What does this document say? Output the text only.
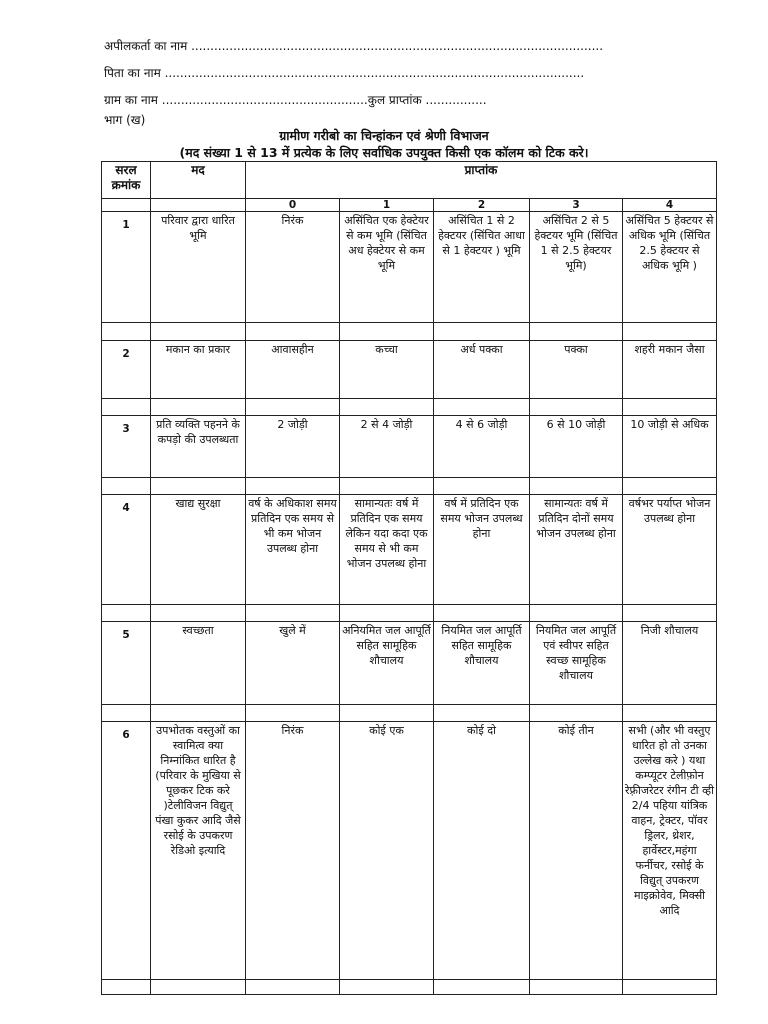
अपीलकर्ता का नाम ............................................................................................................
पिता का नाम ..............................................................................................................
ग्राम का नाम ......................................................कुल प्राप्तांक ................
भाग (ख)
ग्रामीण गरीबो का चिन्हांकन एवं श्रेणी विभाजन
(मद संख्या 1 से 13 में प्रत्येक के लिए सर्वाधिक उपयुक्त किसी एक कॉलम को टिक करे।
सरल क्रमांक	मद	प्राप्तांक				
		0	1	2	3	4
1	परिवार द्वारा धारित भूमि	निरंक	असिंचित एक हेक्टेयर से कम भूमि (सिंचित अध हेक्टेयर से कम भूमि	असिंचित 1 से 2 हेक्टयर (सिंचित आधा से 1 हेक्टयर ) भूमि	असिंचित 2 से 5 हेक्टयर भूमि (सिंचित 1 से 2.5 हेक्टयर भूमि)	असिंचित 5 हेक्टयर से अधिक भूमि (सिंचित 2.5 हेक्टयर से अधिक भूमि )

2	मकान का प्रकार	आवासहीन	कच्चा	अर्ध पक्का	पक्का	शहरी मकान जैसा

3	प्रति व्यक्ति पहनने के कपड़ो की उपलब्धता	2 जोड़ी	2 से 4 जोड़ी	4 से 6 जोड़ी	6 से 10 जोड़ी	10 जोड़ी से अधिक

4	खाद्य सुरक्षा	वर्ष के अधिकाश समय प्रतिदिन एक समय से भी कम भोजन उपलब्ध होना	सामान्यतः वर्ष में प्रतिदिन एक समय लेकिन यदा कदा एक समय से भी कम भोजन उपलब्ध होना	वर्ष में प्रतिदिन एक समय भोजन उपलब्ध होना	सामान्यतः वर्ष में प्रतिदिन दोनों समय भोजन उपलब्ध होना	वर्षभर पर्याप्त भोजन उपलब्ध होना

5	स्वच्छता	खुले में	अनियमित जल आपूर्ति सहित सामूहिक शौचालय	नियमित जल आपूर्ति सहित सामूहिक शौचालय	नियमित जल आपूर्ति एवं स्वीपर सहित स्वच्छ सामूहिक शौचालय	निजी शौचालय

6	उपभोतक वस्तुओं का स्वामित्व क्या निम्नांकित धारित है (परिवार के मुखिया से पूछकर टिक करे )टेलीविजन विद्युत् पंखा कुकर आदि जैसे रसोई के उपकरण रेडिओ इत्यादि	निरंक	कोई एक	कोई दो	कोई तीन	सभी (और भी वस्तुए धारित हो तो उनका उल्लेख करे ) यथा कम्प्यूटर टेलीफ़ोन रेफ़्रीजरेटर रंगीन टी व्ही 2/4 पहिया यांत्रिक वाहन, ट्रेक्टर, पॉवर ड्रिलर, थ्रेशर, हार्वेस्टर,महंगा फर्नीचर, रसोई के विद्युत् उपकरण माइक्रोवेव, मिक्सी आदि
